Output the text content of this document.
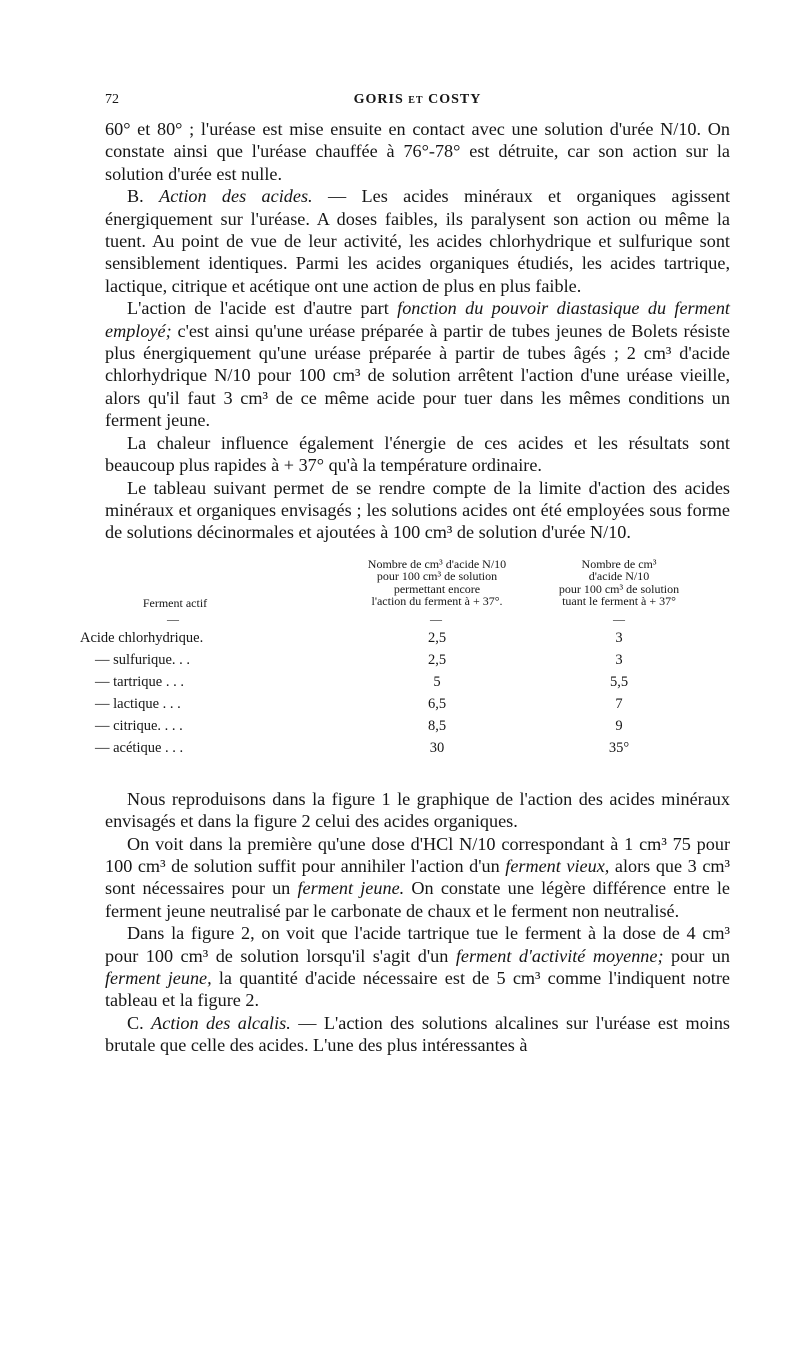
72	GORIS et COSTY

60° et 80° ; l'uréase est mise ensuite en contact avec une solution d'urée N/10. On constate ainsi que l'uréase chauffée à 76°-78° est détruite, car son action sur la solution d'urée est nulle.

B. Action des acides. — Les acides minéraux et organiques agissent énergiquement sur l'uréase. A doses faibles, ils paralysent son action ou même la tuent. Au point de vue de leur activité, les acides chlorhydrique et sulfurique sont sensiblement identiques. Parmi les acides organiques étudiés, les acides tartrique, lactique, citrique et acétique ont une action de plus en plus faible.

L'action de l'acide est d'autre part fonction du pouvoir diastasique du ferment employé; c'est ainsi qu'une uréase préparée à partir de tubes jeunes de Bolets résiste plus énergiquement qu'une uréase préparée à partir de tubes âgés ; 2 cm³ d'acide chlorhydrique N/10 pour 100 cm³ de solution arrêtent l'action d'une uréase vieille, alors qu'il faut 3 cm³ de ce même acide pour tuer dans les mêmes conditions un ferment jeune.

La chaleur influence également l'énergie de ces acides et les résultats sont beaucoup plus rapides à + 37° qu'à la température ordinaire.

Le tableau suivant permet de se rendre compte de la limite d'action des acides minéraux et organiques envisagés ; les solutions acides ont été employées sous forme de solutions décinormales et ajoutées à 100 cm³ de solution d'urée N/10.

Ferment actif
Nombre de cm³ d'acide N/10
pour 100 cm³ de solution
permettant encore
l'action du ferment à + 37°.
Nombre de cm³
d'acide N/10
pour 100 cm³ de solution
tuant le ferment à + 37°
—	—	—
Acide chlorhydrique.	2,5	3
— sulfurique. . .	2,5	3
— tartrique . . .	5	5,5
— lactique . . .	6,5	7
— citrique. . . .	8,5	9
— acétique . . .	30	35°

Nous reproduisons dans la figure 1 le graphique de l'action des acides minéraux envisagés et dans la figure 2 celui des acides organiques.

On voit dans la première qu'une dose d'HCl N/10 correspondant à 1 cm³ 75 pour 100 cm³ de solution suffit pour annihiler l'action d'un ferment vieux, alors que 3 cm³ sont nécessaires pour un ferment jeune. On constate une légère différence entre le ferment jeune neutralisé par le carbonate de chaux et le ferment non neutralisé.

Dans la figure 2, on voit que l'acide tartrique tue le ferment à la dose de 4 cm³ pour 100 cm³ de solution lorsqu'il s'agit d'un ferment d'activité moyenne; pour un ferment jeune, la quantité d'acide nécessaire est de 5 cm³ comme l'indiquent notre tableau et la figure 2.

C. Action des alcalis. — L'action des solutions alcalines sur l'uréase est moins brutale que celle des acides. L'une des plus intéressantes à
